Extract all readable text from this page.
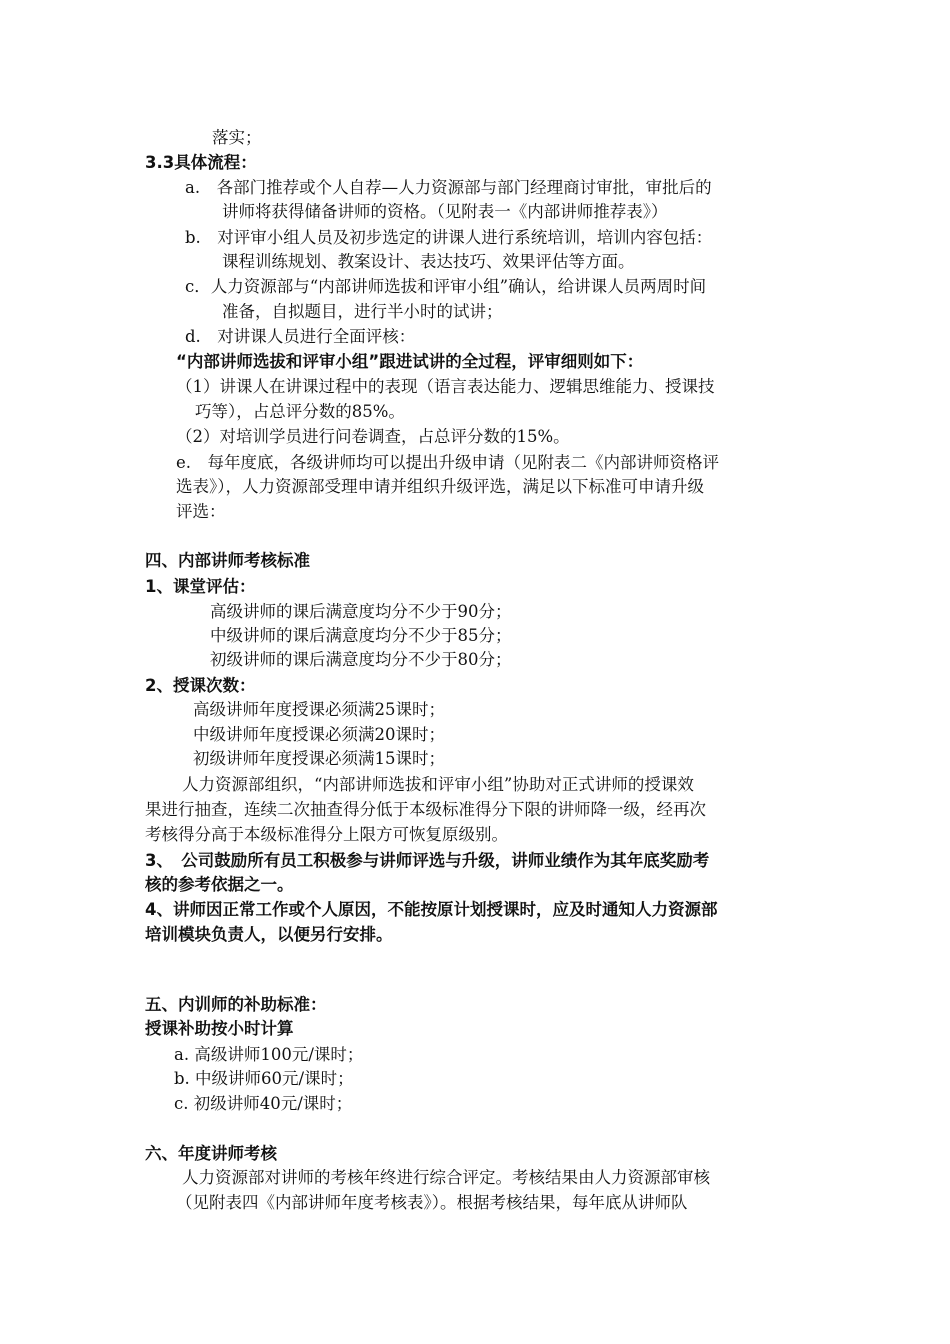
落实；
3.3具体流程：
a.　各部门推荐或个人自荐—人力资源部与部门经理商讨审批，审批后的
讲师将获得储备讲师的资格。（见附表一《内部讲师推荐表》）
b.　对评审小组人员及初步选定的讲课人进行系统培训，培训内容包括：
课程训练规划、教案设计、表达技巧、效果评估等方面。
c．人力资源部与“内部讲师选拔和评审小组”确认，给讲课人员两周时间
准备，自拟题目，进行半小时的试讲；
d.　对讲课人员进行全面评核：
“内部讲师选拔和评审小组”跟进试讲的全过程，评审细则如下：
（1）讲课人在讲课过程中的表现（语言表达能力、逻辑思维能力、授课技
巧等），占总评分数的85%。
（2）对培训学员进行问卷调查，占总评分数的15%。
e.　每年度底，各级讲师均可以提出升级申请（见附表二《内部讲师资格评
选表》），人力资源部受理申请并组织升级评选，满足以下标准可申请升级
评选：
四、内部讲师考核标准
1、课堂评估：
高级讲师的课后满意度均分不少于90分；
中级讲师的课后满意度均分不少于85分；
初级讲师的课后满意度均分不少于80分；
2、授课次数：
高级讲师年度授课必须满25课时；
中级讲师年度授课必须满20课时；
初级讲师年度授课必须满15课时；
人力资源部组织，“内部讲师选拔和评审小组”协助对正式讲师的授课效
果进行抽查，连续二次抽查得分低于本级标准得分下限的讲师降一级，经再次
考核得分高于本级标准得分上限方可恢复原级别。
3、　公司鼓励所有员工积极参与讲师评选与升级，讲师业绩作为其年底奖励考
核的参考依据之一。
4、讲师因正常工作或个人原因，不能按原计划授课时，应及时通知人力资源部
培训模块负责人，以便另行安排。
五、内训师的补助标准：
授课补助按小时计算
a. 高级讲师100元/课时；
b. 中级讲师60元/课时；
c. 初级讲师40元/课时；
六、年度讲师考核
人力资源部对讲师的考核年终进行综合评定。考核结果由人力资源部审核
（见附表四《内部讲师年度考核表》）。根据考核结果，每年底从讲师队
